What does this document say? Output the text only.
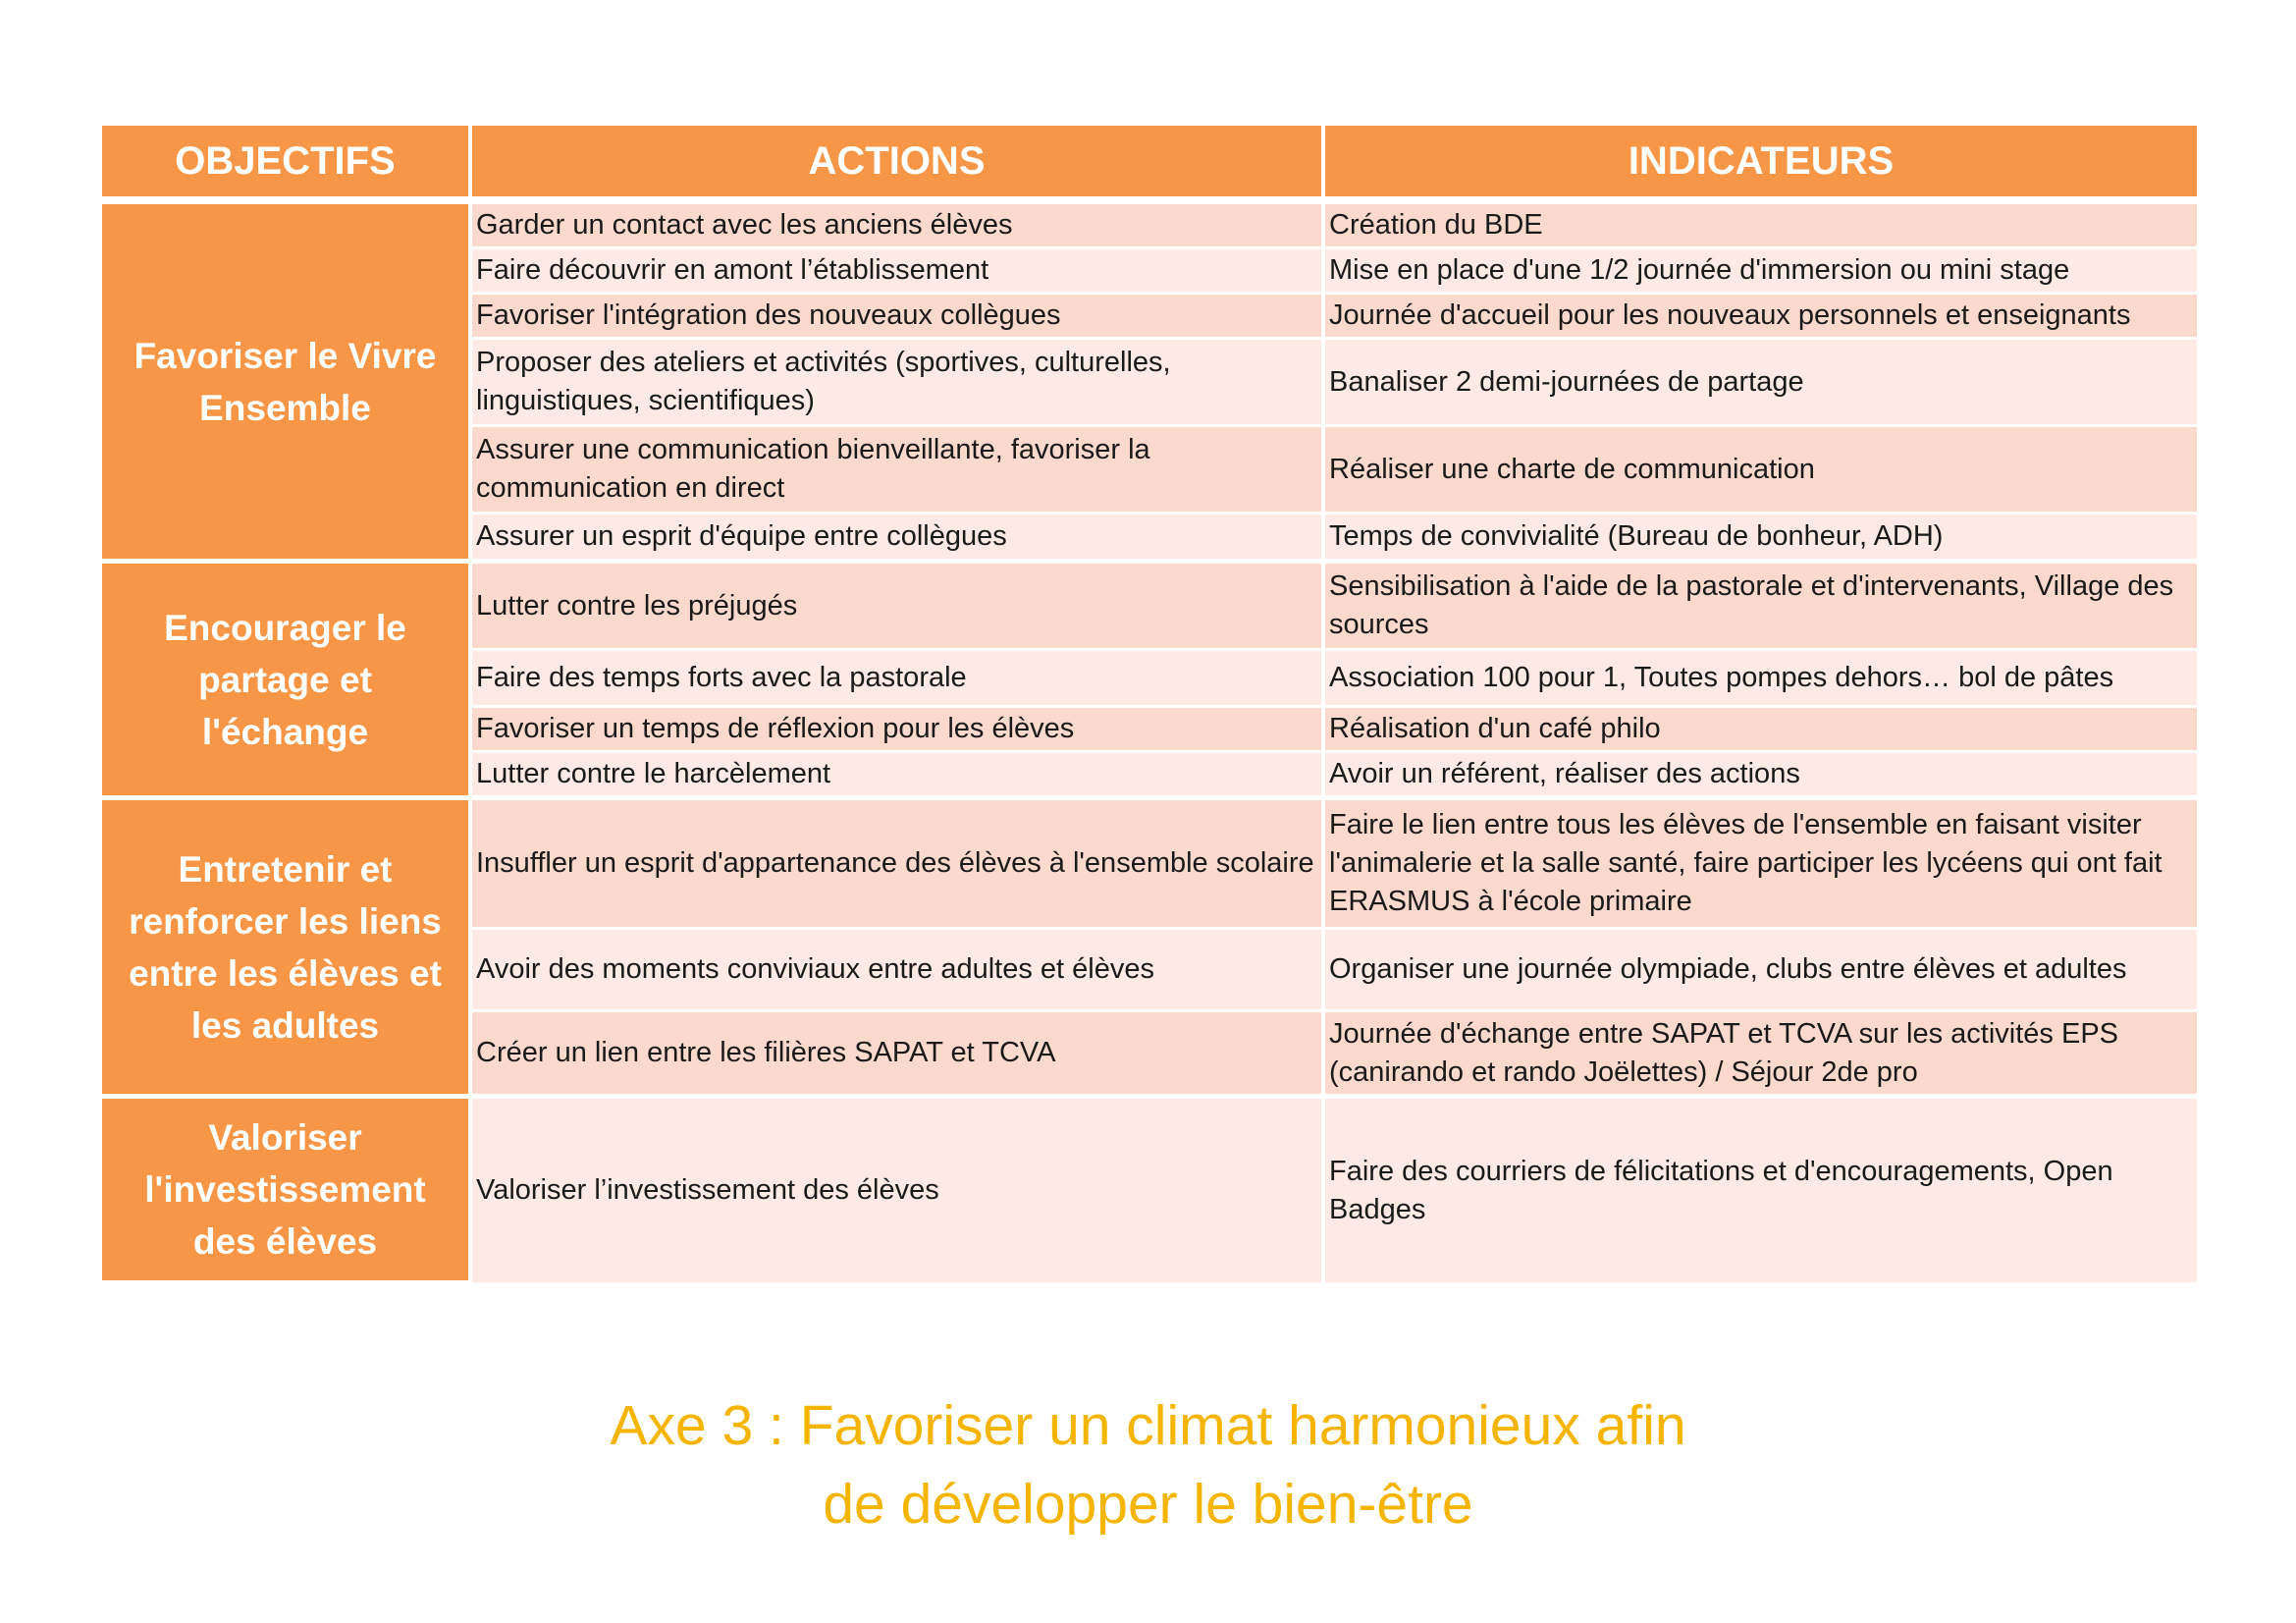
OBJECTIFS	ACTIONS	INDICATEURS
Favoriser le Vivre Ensemble	Garder un contact avec les anciens élèves	Création du BDE
	Faire découvrir en amont l’établissement	Mise en place d'une 1/2 journée d'immersion ou mini stage
	Favoriser l'intégration des nouveaux collègues	Journée d'accueil pour les nouveaux personnels et enseignants
	Proposer des ateliers et activités (sportives, culturelles, linguistiques, scientifiques)	Banaliser 2 demi-journées de partage
	Assurer une communication bienveillante, favoriser la communication en direct	Réaliser une charte de communication
	Assurer un esprit d'équipe entre collègues	Temps de convivialité (Bureau de bonheur, ADH)
Encourager le partage et l'échange	Lutter contre les préjugés	Sensibilisation à l'aide de la pastorale et d'intervenants, Village des sources
	Faire des temps forts avec la pastorale	Association 100 pour 1, Toutes pompes dehors… bol de pâtes
	Favoriser un temps de réflexion pour les élèves	Réalisation d'un café philo
	Lutter contre le harcèlement	Avoir un référent, réaliser des actions
Entretenir et renforcer les liens entre les élèves et les adultes	Insuffler un esprit d'appartenance des élèves à l'ensemble scolaire	Faire le lien entre tous les élèves de l'ensemble en faisant visiter l'animalerie et la salle santé, faire participer les lycéens qui ont fait ERASMUS à l'école primaire
	Avoir des moments conviviaux entre adultes et élèves	Organiser une journée olympiade, clubs entre élèves et adultes
	Créer un lien entre les filières SAPAT et TCVA	Journée d'échange entre SAPAT et TCVA sur les activités EPS (canirando et rando Joëlettes) / Séjour 2de pro
Valoriser l'investissement des élèves	Valoriser l’investissement des élèves	Faire des courriers de félicitations et d'encouragements, Open Badges
Axe 3 : Favoriser un climat harmonieux afin
de développer le bien-être
